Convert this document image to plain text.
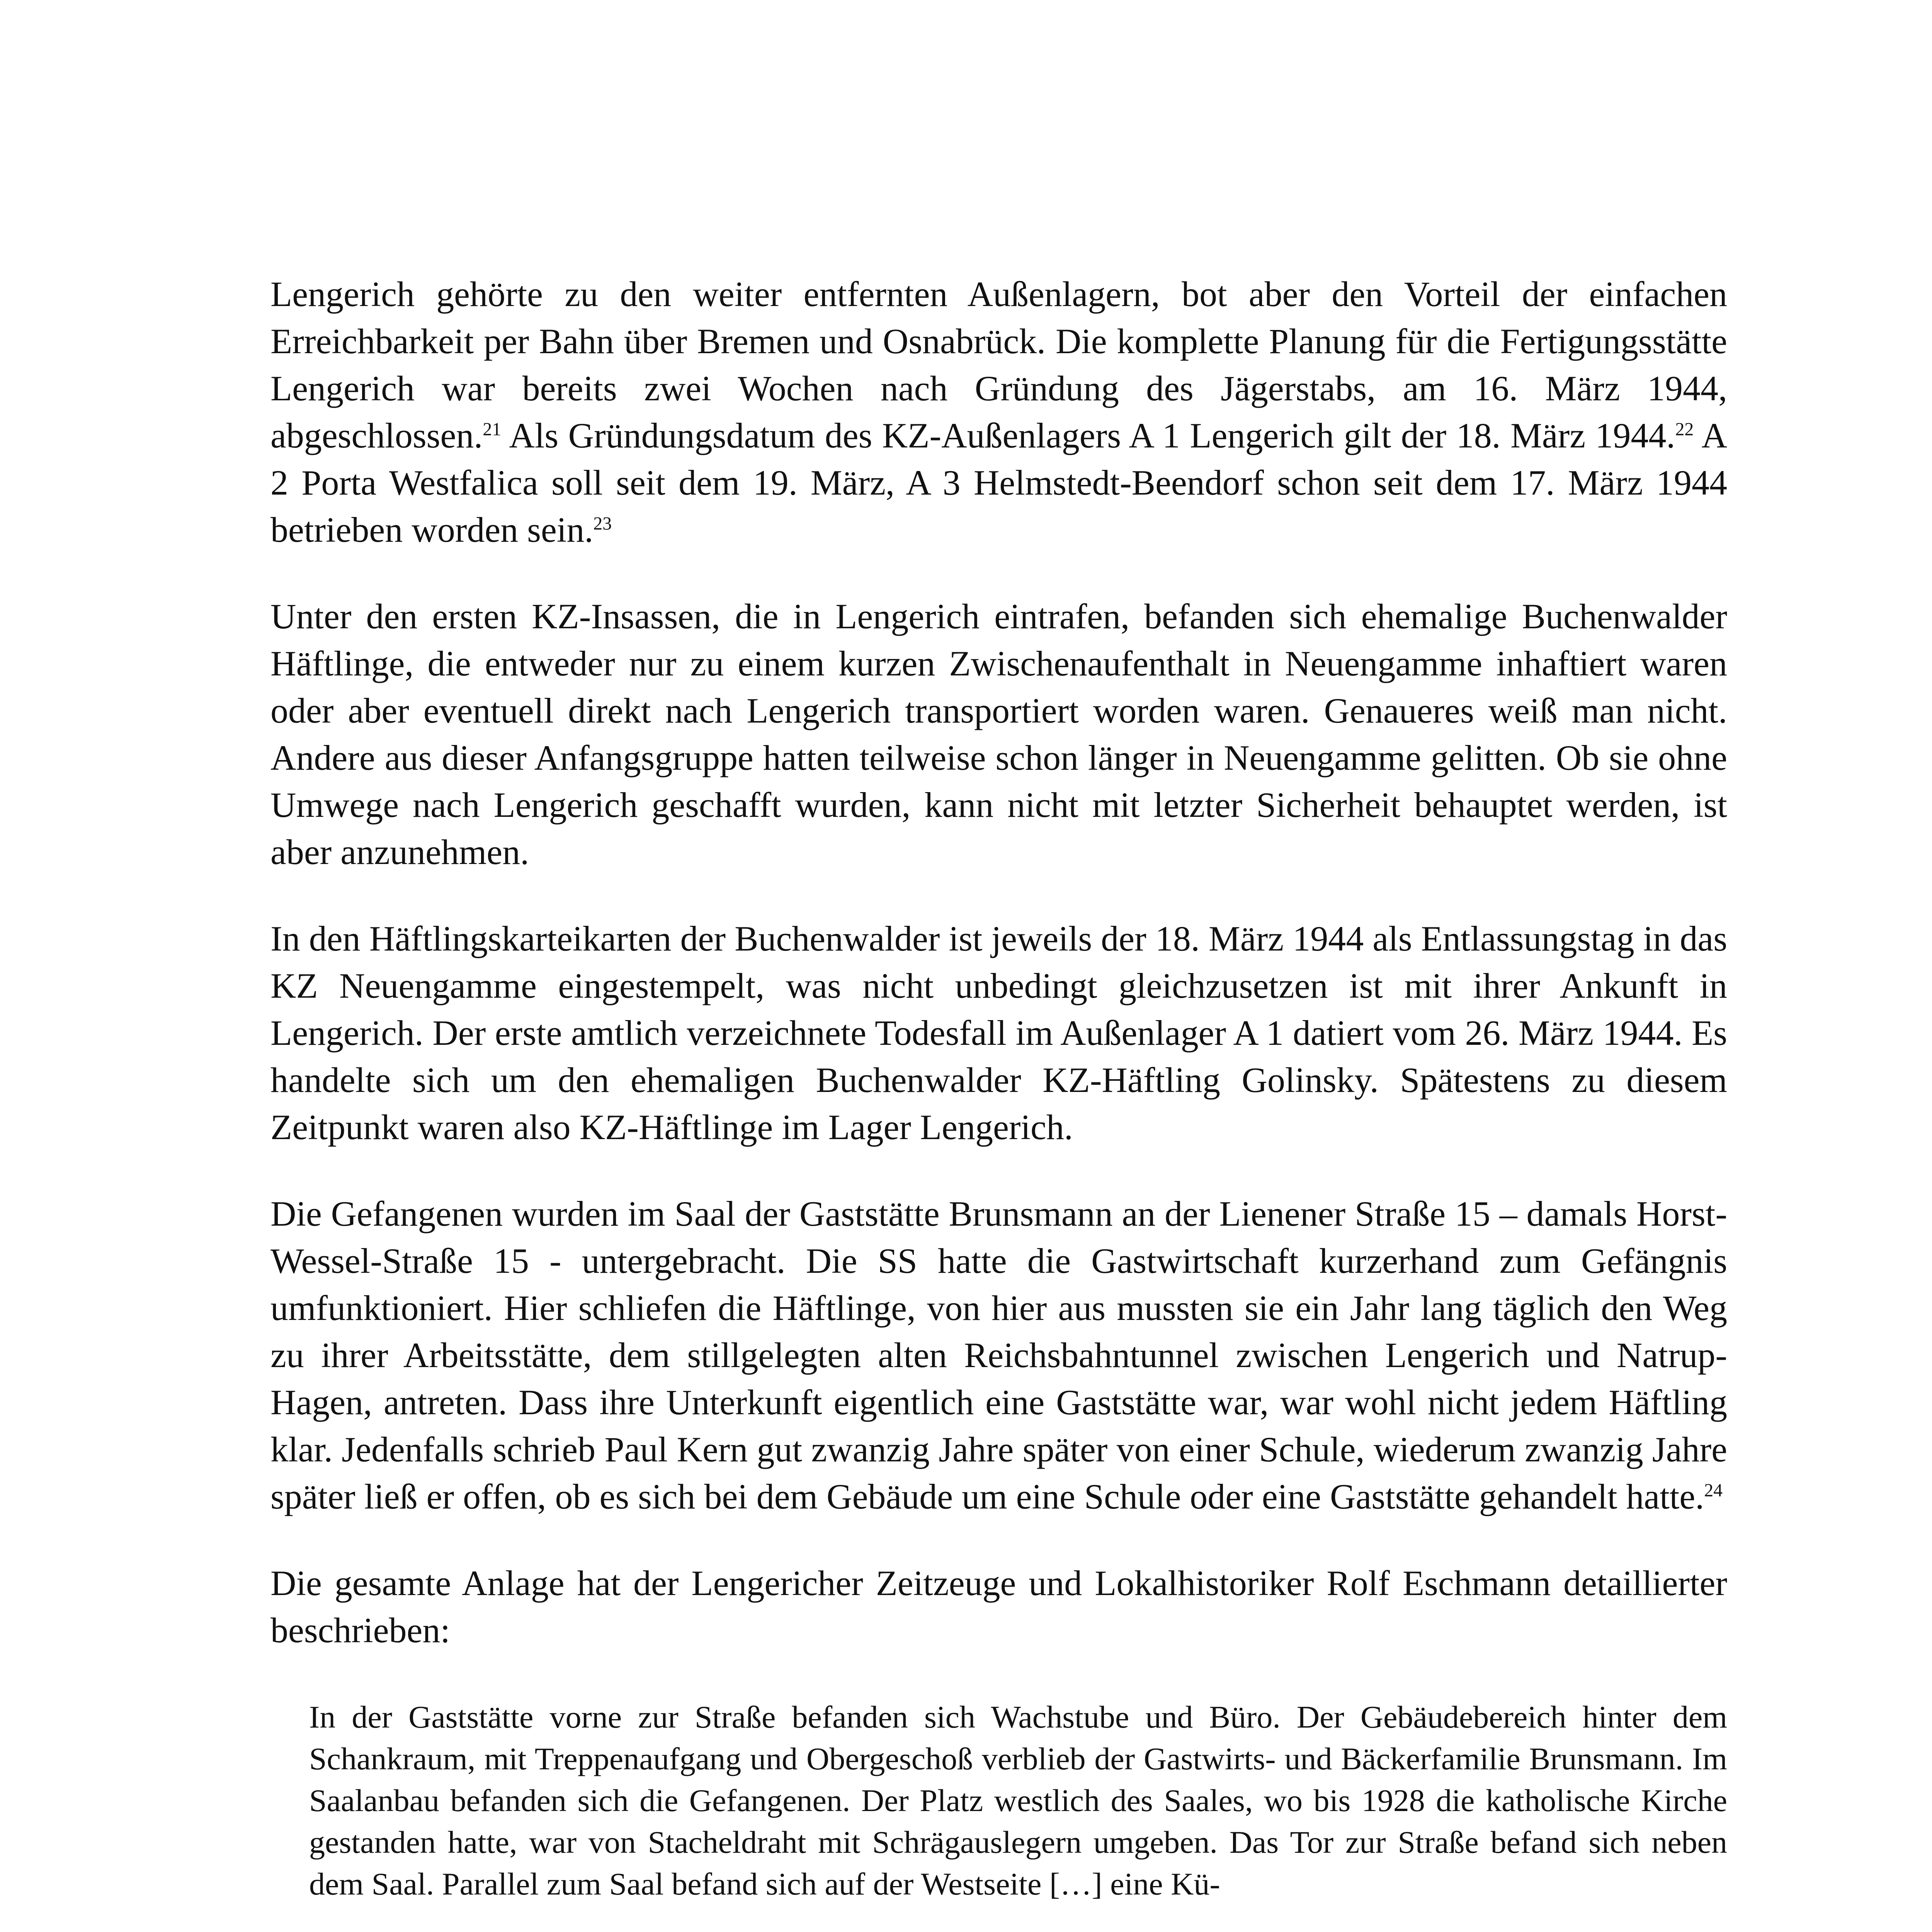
Lengerich gehörte zu den weiter entfernten Außenlagern, bot aber den Vorteil der einfachen Erreichbarkeit per Bahn über Bremen und Osnabrück. Die komplette Planung für die Fertigungsstätte Lengerich war bereits zwei Wochen nach Gründung des Jägerstabs, am 16. März 1944, abgeschlossen.$^{21}$ Als Gründungsdatum des KZ-Außenlagers A 1 Lengerich gilt der 18. März 1944.22 A 2 Porta Westfalica soll seit dem 19. März, A 3 Helmstedt-Beendorf schon seit dem 17. März 1944 betrieben worden sein.$^{23}$

Unter den ersten KZ-Insassen, die in Lengerich eintrafen, befanden sich ehemalige Buchenwalder Häftlinge, die entweder nur zu einem kurzen Zwischenaufenthalt in Neuengamme inhaftiert waren oder aber eventuell direkt nach Lengerich transportiert worden waren. Genaueres weiß man nicht. Andere aus dieser Anfangsgruppe hatten teilweise schon länger in Neuengamme gelitten. Ob sie ohne Umwege nach Lengerich geschafft wurden, kann nicht mit letzter Sicherheit behauptet werden, ist aber anzunehmen.

In den Häftlingskarteikarten der Buchenwalder ist jeweils der 18. März 1944 als Entlassungstag in das KZ Neuengamme eingestempelt, was nicht unbedingt gleichzusetzen ist mit ihrer Ankunft in Lengerich. Der erste amtlich verzeichnete Todesfall im Außenlager A 1 datiert vom 26. März 1944. Es handelte sich um den ehemaligen Buchenwalder KZ-Häftling Golinsky. Spätestens zu diesem Zeitpunkt waren also KZ-Häftlinge im Lager Lengerich.

Die Gefangenen wurden im Saal der Gaststätte Brunsmann an der Lienener Straße 15 – damals Horst-Wessel-Straße 15 - untergebracht. Die SS hatte die Gastwirtschaft kurzerhand zum Gefängnis umfunktioniert. Hier schliefen die Häftlinge, von hier aus mussten sie ein Jahr lang täglich den Weg zu ihrer Arbeitsstätte, dem stillgelegten alten Reichsbahntunnel zwischen Lengerich und Natrup-Hagen, antreten. Dass ihre Unterkunft eigentlich eine Gaststätte war, war wohl nicht jedem Häftling klar. Jedenfalls schrieb Paul Kern gut zwanzig Jahre später von einer Schule, wiederum zwanzig Jahre später ließ er offen, ob es sich bei dem Gebäude um eine Schule oder eine Gaststätte gehandelt hatte.$^{24}$

Die gesamte Anlage hat der Lengericher Zeitzeuge und Lokalhistoriker Rolf Eschmann detaillierter beschrieben:

In der Gaststätte vorne zur Straße befanden sich Wachstube und Büro. Der Gebäudebereich hinter dem Schankraum, mit Treppenaufgang und Obergeschoß verblieb der Gastwirts- und Bäckerfamilie Brunsmann. Im Saalanbau befanden sich die Gefangenen. Der Platz westlich des Saales, wo bis 1928 die katholische Kirche gestanden hatte, war von Stacheldraht mit Schrägauslegern umgeben. Das Tor zur Straße befand sich neben dem Saal. Parallel zum Saal befand sich auf der Westseite […] eine Kü-
